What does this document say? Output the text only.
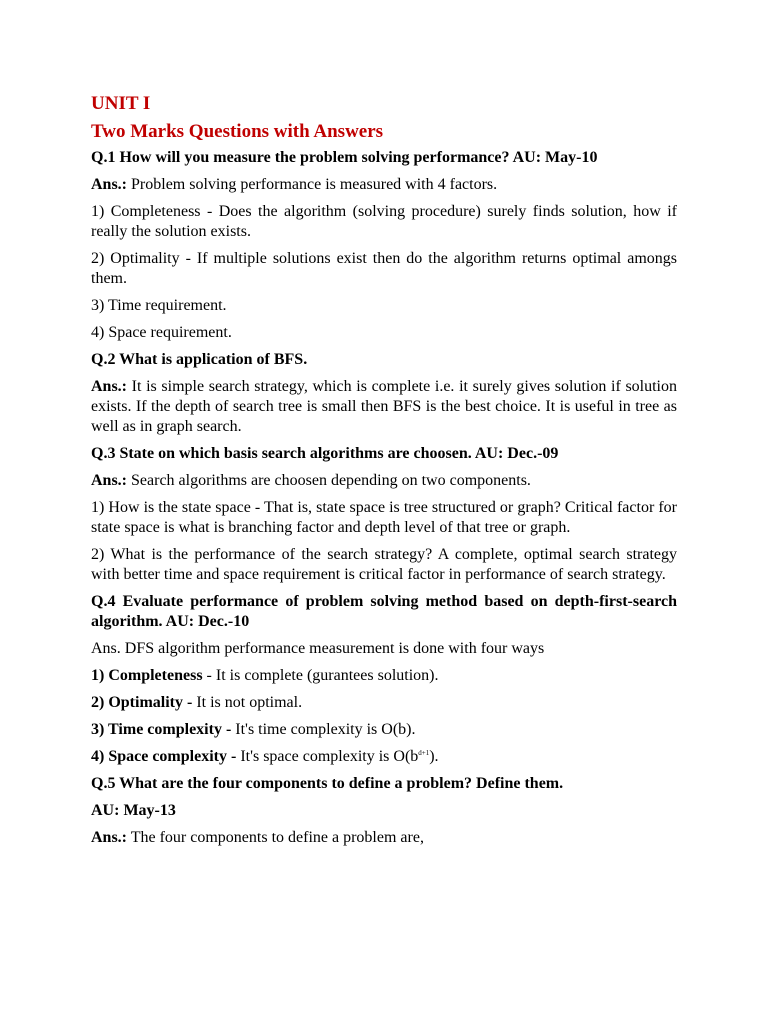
UNIT I
Two Marks Questions with Answers

Q.1 How will you measure the problem solving performance? AU: May-10

Ans.: Problem solving performance is measured with 4 factors.

1) Completeness - Does the algorithm (solving procedure) surely finds solution, how if really the solution exists.

2) Optimality - If multiple solutions exist then do the algorithm returns optimal amongs them.

3) Time requirement.

4) Space requirement.

Q.2 What is application of BFS.

Ans.: It is simple search strategy, which is complete i.e. it surely gives solution if solution exists. If the depth of search tree is small then BFS is the best choice. It is useful in tree as well as in graph search.

Q.3 State on which basis search algorithms are choosen. AU: Dec.-09

Ans.: Search algorithms are choosen depending on two components.

1) How is the state space - That is, state space is tree structured or graph? Critical factor for state space is what is branching factor and depth level of that tree or graph.

2) What is the performance of the search strategy? A complete, optimal search strategy with better time and space requirement is critical factor in performance of search strategy.

Q.4 Evaluate performance of problem solving method based on depth-first-search algorithm. AU: Dec.-10

Ans. DFS algorithm performance measurement is done with four ways

1) Completeness - It is complete (gurantees solution).

2) Optimality - It is not optimal.

3) Time complexity - It's time complexity is O(b).

4) Space complexity - It's space complexity is $O(b^{d+1})$.

Q.5 What are the four components to define a problem? Define them.

AU: May-13

Ans.: The four components to define a problem are,
